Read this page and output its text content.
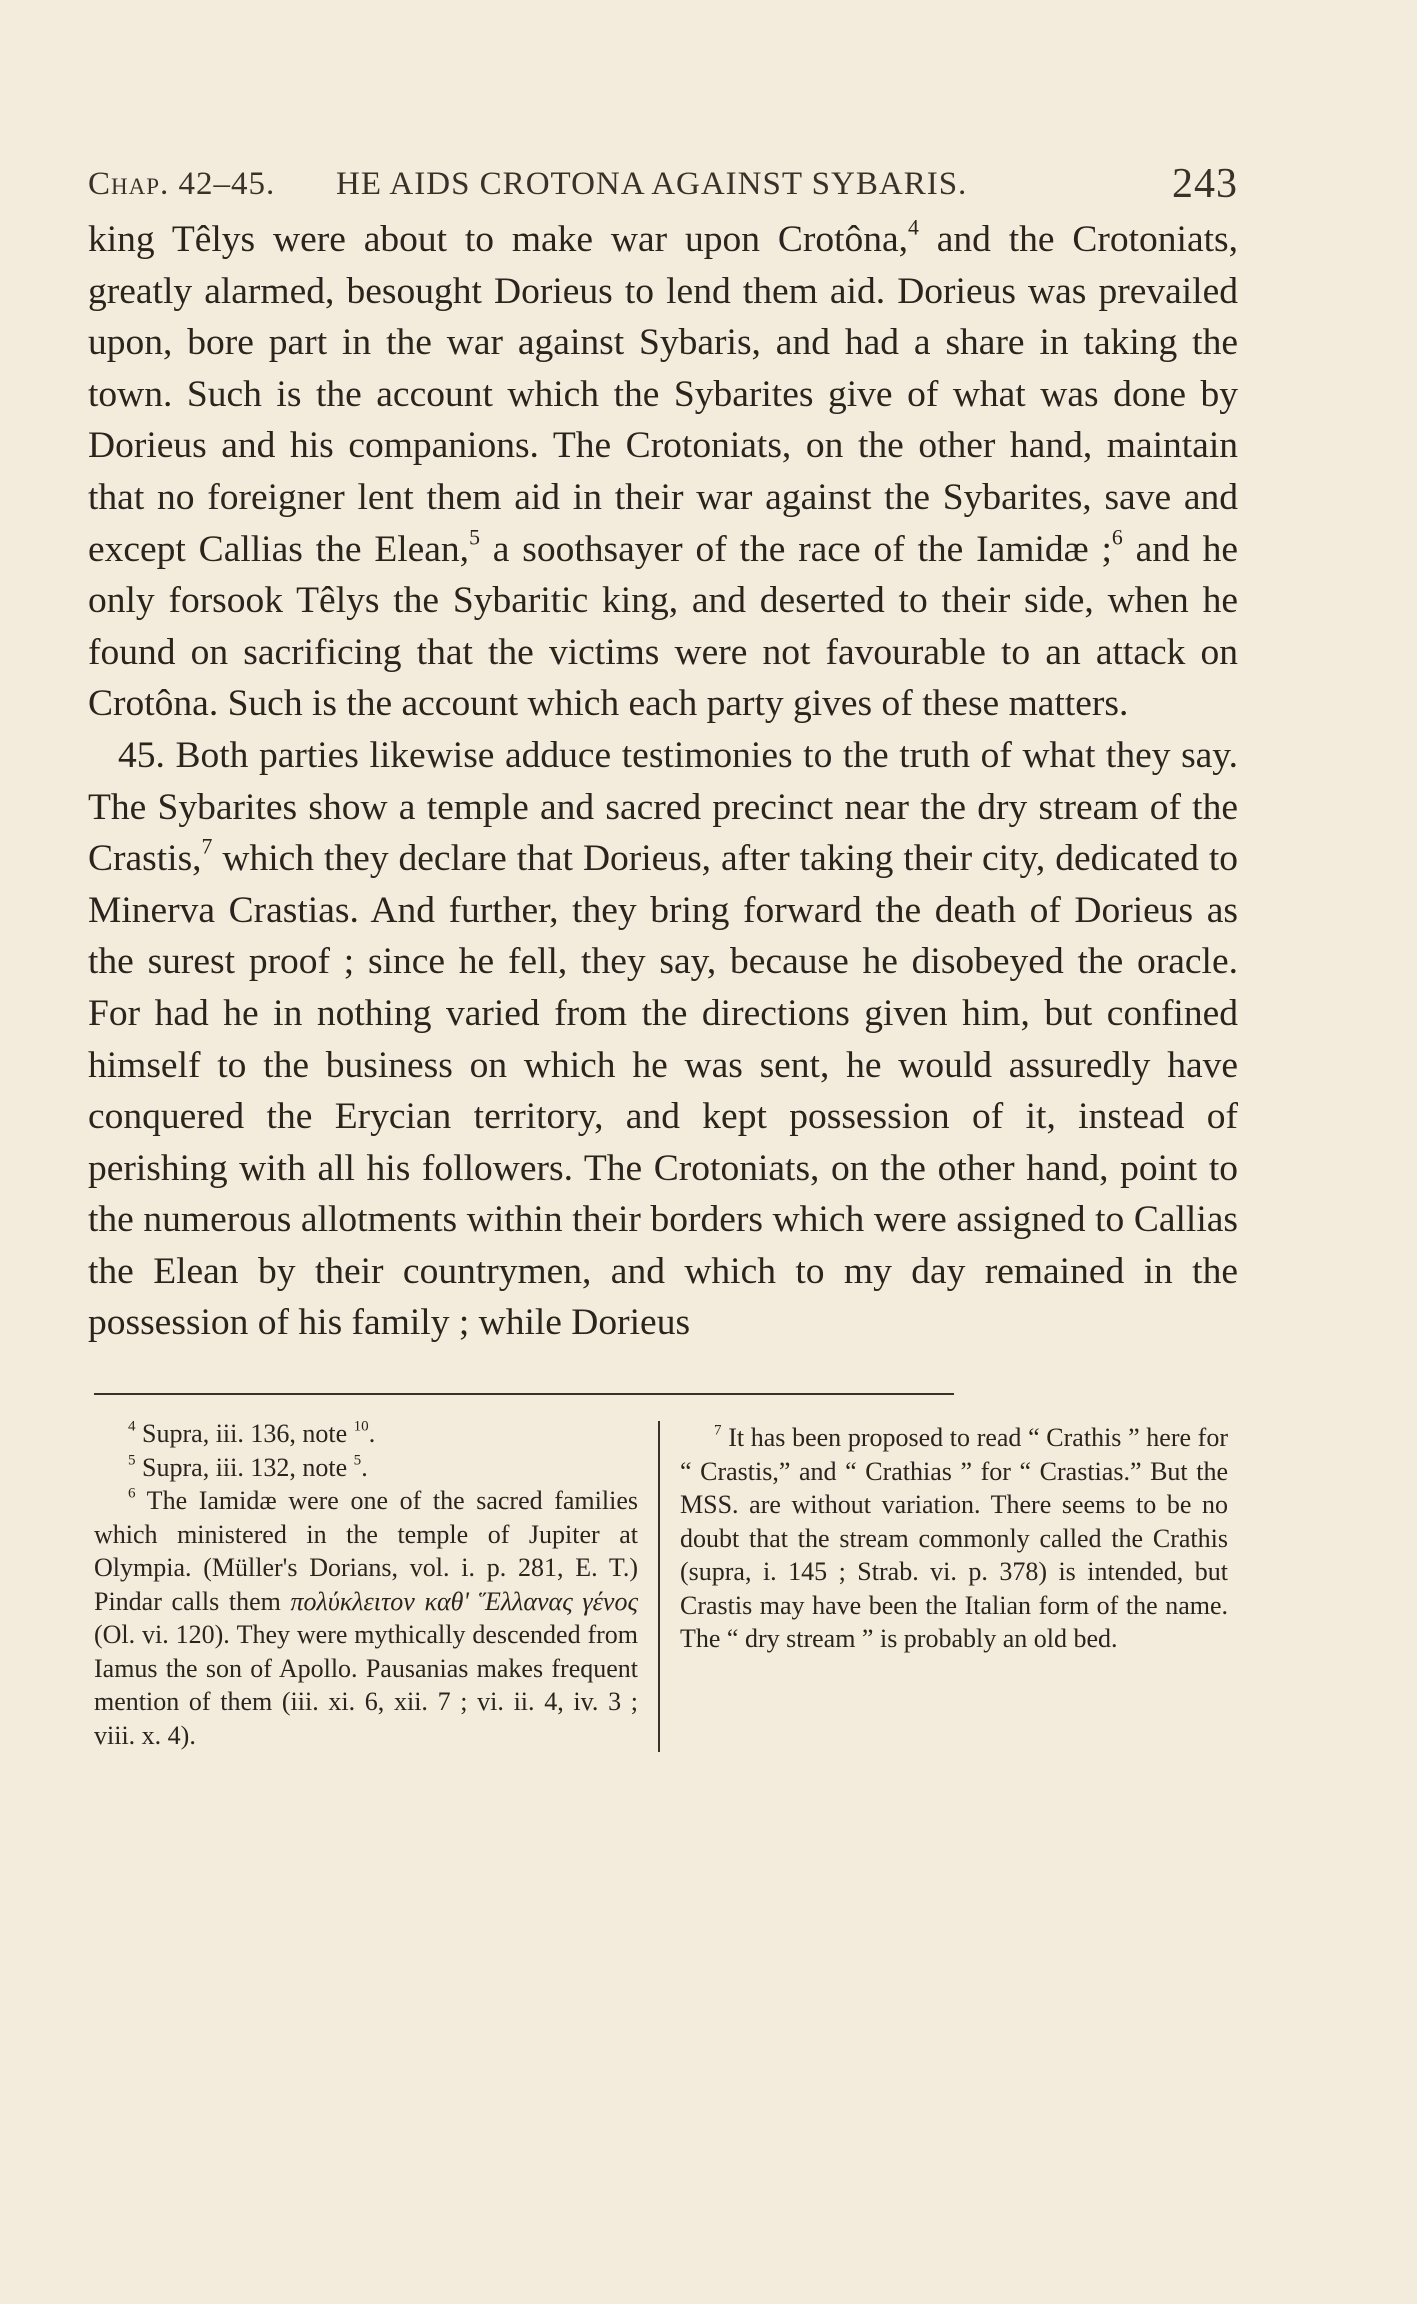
Chap. 42–45. HE AIDS CROTONA AGAINST SYBARIS.	243

king Têlys were about to make war upon Crotôna,$^4$ and the Crotoniats, greatly alarmed, besought Dorieus to lend them aid. Dorieus was prevailed upon, bore part in the war against Sybaris, and had a share in taking the town. Such is the account which the Sybarites give of what was done by Dorieus and his companions. The Crotoniats, on the other hand, maintain that no foreigner lent them aid in their war against the Sybarites, save and except Callias the Elean,$^5$ a soothsayer of the race of the Iamidæ ;$^6$ and he only forsook Têlys the Sybaritic king, and deserted to their side, when he found on sacrificing that the victims were not favourable to an attack on Crotôna. Such is the account which each party gives of these matters.

45. Both parties likewise adduce testimonies to the truth of what they say. The Sybarites show a temple and sacred precinct near the dry stream of the Crastis,$^7$ which they declare that Dorieus, after taking their city, dedicated to Minerva Crastias. And further, they bring forward the death of Dorieus as the surest proof ; since he fell, they say, because he disobeyed the oracle. For had he in nothing varied from the directions given him, but confined himself to the business on which he was sent, he would assuredly have conquered the Erycian territory, and kept possession of it, instead of perishing with all his followers. The Crotoniats, on the other hand, point to the numerous allotments within their borders which were assigned to Callias the Elean by their countrymen, and which to my day remained in the possession of his family ; while Dorieus

$^4$ Supra, iii. 136, note $^{10}$.

$^5$ Supra, iii. 132, note $^5$.

$^6$ The Iamidæ were one of the sacred families which ministered in the temple of Jupiter at Olympia. (Müller's Dorians, vol. i. p. 281, E. T.) Pindar calls them πολύκλειτον καθ' Ἕλλανας γένος (Ol. vi. 120). They were mythically descended from Iamus the son of Apollo. Pausanias makes frequent mention of them (iii. xi. 6, xii. 7 ; vi. ii. 4, iv. 3 ; viii. x. 4).

$^7$ It has been proposed to read “ Crathis ” here for “ Crastis,” and “ Crathias ” for “ Crastias.” But the MSS. are without variation. There seems to be no doubt that the stream commonly called the Crathis (supra, i. 145 ; Strab. vi. p. 378) is intended, but Crastis may have been the Italian form of the name. The “ dry stream ” is probably an old bed.
